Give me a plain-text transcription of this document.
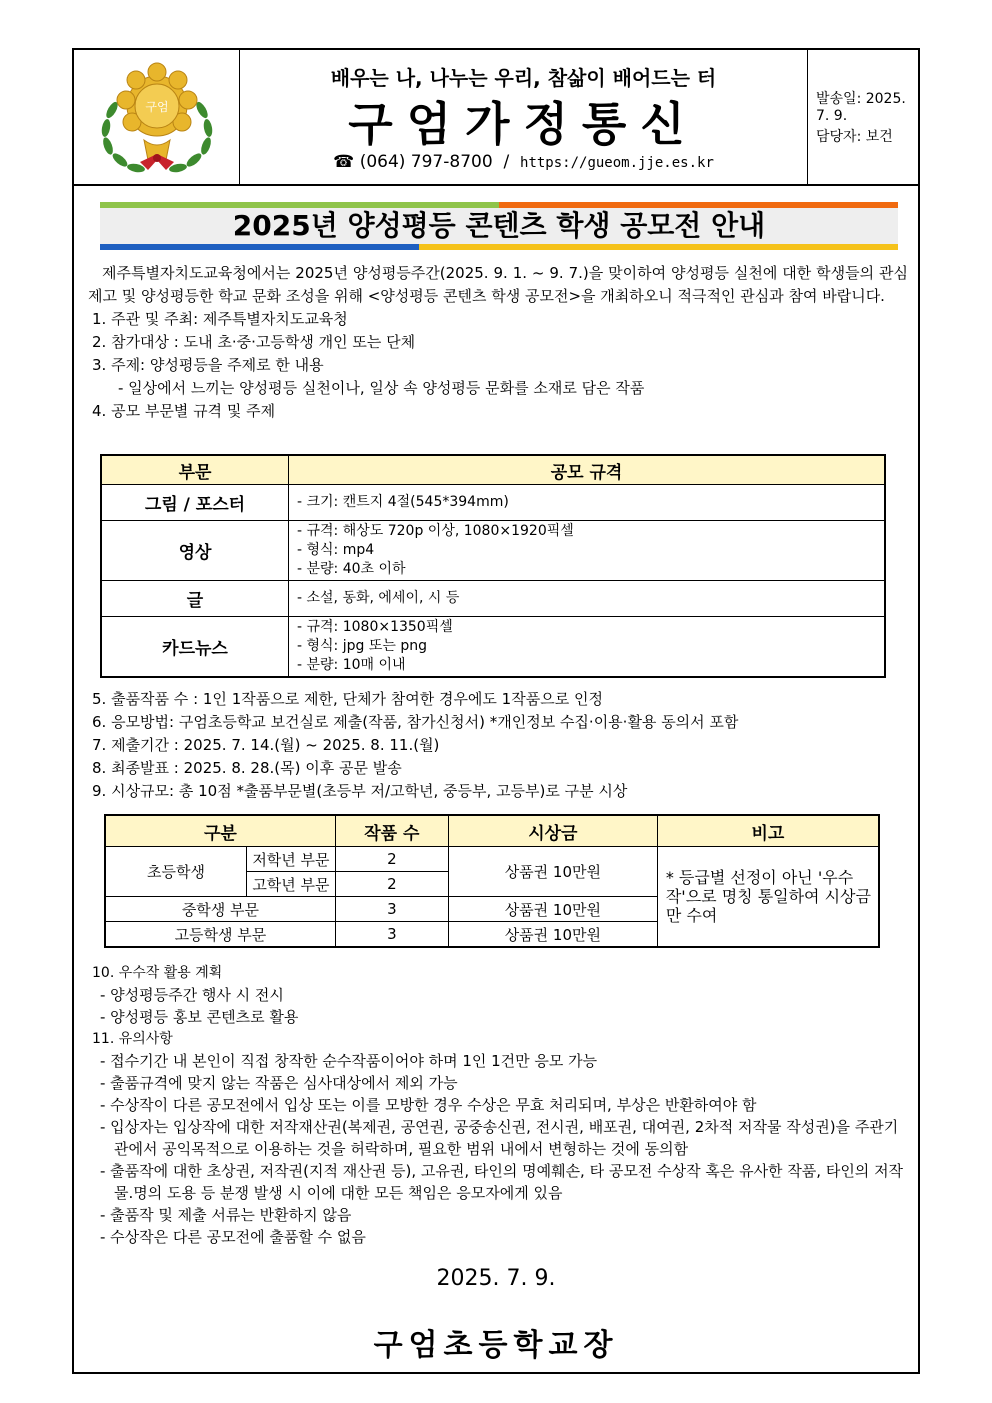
구엄
배우는 나, 나누는 우리, 참삶이 배어드는 터
구엄가정통신
☎ (064) 797-8700 / https://gueom.jje.es.kr
발송일: 2025. 7. 9.
담당자: 보건
2025년 양성평등 콘텐츠 학생 공모전 안내

제주특별자치도교육청에서는 2025년 양성평등주간(2025. 9. 1. ~ 9. 7.)을 맞이하여 양성평등 실천에 대한 학생들의 관심 제고 및 양성평등한 학교 문화 조성을 위해 <양성평등 콘텐츠 학생 공모전>을 개최하오니 적극적인 관심과 참여 바랍니다.

1. 주관 및 주최: 제주특별자치도교육청
2. 참가대상 : 도내 초·중·고등학생 개인 또는 단체
3. 주제: 양성평등을 주제로 한 내용
- 일상에서 느끼는 양성평등 실천이나, 일상 속 양성평등 문화를 소재로 담은 작품
4. 공모 부문별 규격 및 주제
부문	공모 규격
그림 / 포스터	- 크기: 캔트지 4절(545*394mm)

영상	- 규격: 해상도 720p 이상, 1080×1920픽셀
- 형식: mp4
- 분량: 40초 이하

글	- 소설, 동화, 에세이, 시 등

카드뉴스	- 규격: 1080×1350픽셀
- 형식: jpg 또는 png
- 분량: 10매 이내
5. 출품작품 수 : 1인 1작품으로 제한, 단체가 참여한 경우에도 1작품으로 인정
6. 응모방법: 구엄초등학교 보건실로 제출(작품, 참가신청서) *개인정보 수집·이용·활용 동의서 포함
7. 제출기간 : 2025. 7. 14.(월) ~ 2025. 8. 11.(월)
8. 최종발표 : 2025. 8. 28.(목) 이후 공문 발송
9. 시상규모: 총 10점 *출품부문별(초등부 저/고학년, 중등부, 고등부)로 구분 시상
구분		작품 수	시상금	비고
초등학생	저학년 부문	2	상품권 10만원	* 등급별 선정이 아닌 '우수작'으로 명칭 통일하여 시상금만 수여
	고학년 부문	2		
중학생 부문		3	상품권 10만원	
고등학생 부문		3	상품권 10만원	
10. 우수작 활용 계획
- 양성평등주간 행사 시 전시
- 양성평등 홍보 콘텐츠로 활용
11. 유의사항
- 접수기간 내 본인이 직접 창작한 순수작품이어야 하며 1인 1건만 응모 가능
- 출품규격에 맞지 않는 작품은 심사대상에서 제외 가능
- 수상작이 다른 공모전에서 입상 또는 이를 모방한 경우 수상은 무효 처리되며, 부상은 반환하여야 함
- 입상자는 입상작에 대한 저작재산권(복제권, 공연권, 공중송신권, 전시권, 배포권, 대여권, 2차적 저작물 작성권)을 주관기관에서 공익목적으로 이용하는 것을 허락하며, 필요한 범위 내에서 변형하는 것에 동의함
- 출품작에 대한 초상권, 저작권(지적 재산권 등), 고유권, 타인의 명예훼손, 타 공모전 수상작 혹은 유사한 작품, 타인의 저작물.명의 도용 등 분쟁 발생 시 이에 대한 모든 책임은 응모자에게 있음
- 출품작 및 제출 서류는 반환하지 않음
- 수상작은 다른 공모전에 출품할 수 없음
2025. 7. 9.
구엄초등학교장
